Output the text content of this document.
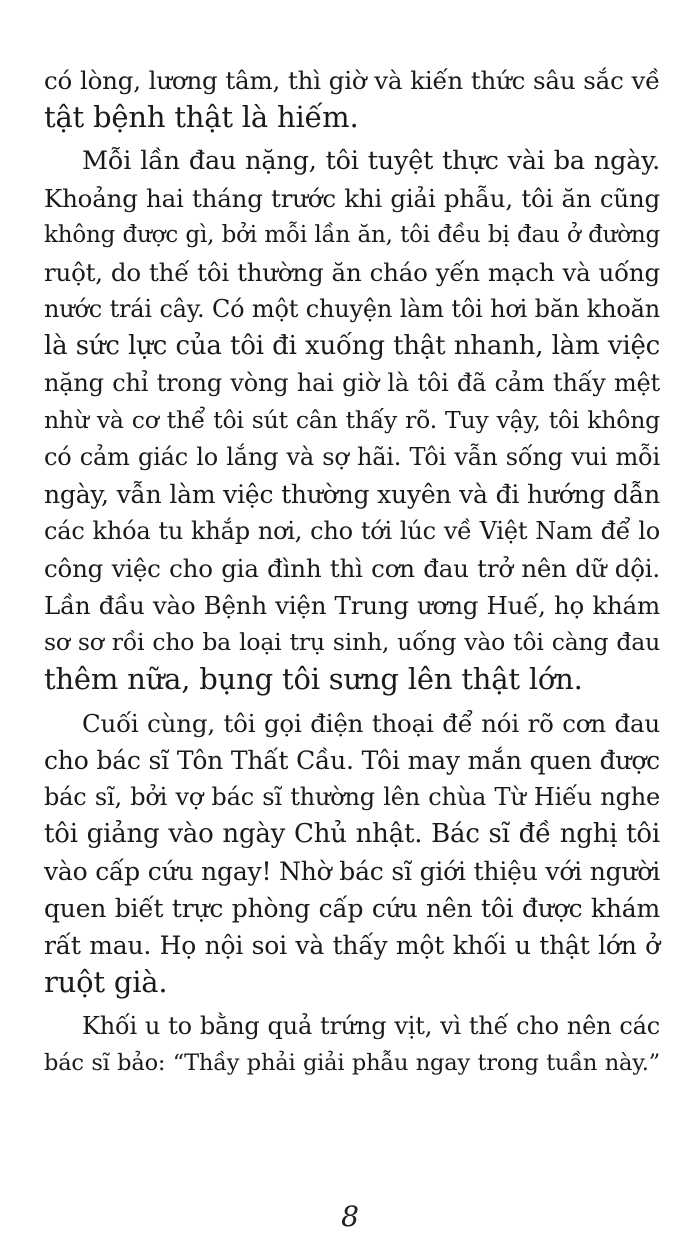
có lòng, lương tâm, thì giờ và kiến thức sâu sắc về
tật bệnh thật là hiếm.
Mỗi lần đau nặng, tôi tuyệt thực vài ba ngày.
Khoảng hai tháng trước khi giải phẫu, tôi ăn cũng
không được gì, bởi mỗi lần ăn, tôi đều bị đau ở đường
ruột, do thế tôi thường ăn cháo yến mạch và uống
nước trái cây. Có một chuyện làm tôi hơi băn khoăn
là sức lực của tôi đi xuống thật nhanh, làm việc
nặng chỉ trong vòng hai giờ là tôi đã cảm thấy mệt
nhừ và cơ thể tôi sút cân thấy rõ. Tuy vậy, tôi không
có cảm giác lo lắng và sợ hãi. Tôi vẫn sống vui mỗi
ngày, vẫn làm việc thường xuyên và đi hướng dẫn
các khóa tu khắp nơi, cho tới lúc về Việt Nam để lo
công việc cho gia đình thì cơn đau trở nên dữ dội.
Lần đầu vào Bệnh viện Trung ương Huế, họ khám
sơ sơ rồi cho ba loại trụ sinh, uống vào tôi càng đau
thêm nữa, bụng tôi sưng lên thật lớn.
Cuối cùng, tôi gọi điện thoại để nói rõ cơn đau
cho bác sĩ Tôn Thất Cầu. Tôi may mắn quen được
bác sĩ, bởi vợ bác sĩ thường lên chùa Từ Hiếu nghe
tôi giảng vào ngày Chủ nhật. Bác sĩ đề nghị tôi
vào cấp cứu ngay! Nhờ bác sĩ giới thiệu với người
quen biết trực phòng cấp cứu nên tôi được khám
rất mau. Họ nội soi và thấy một khối u thật lớn ở
ruột già.
Khối u to bằng quả trứng vịt, vì thế cho nên các
bác sĩ bảo: “Thầy phải giải phẫu ngay trong tuần này.”
8
